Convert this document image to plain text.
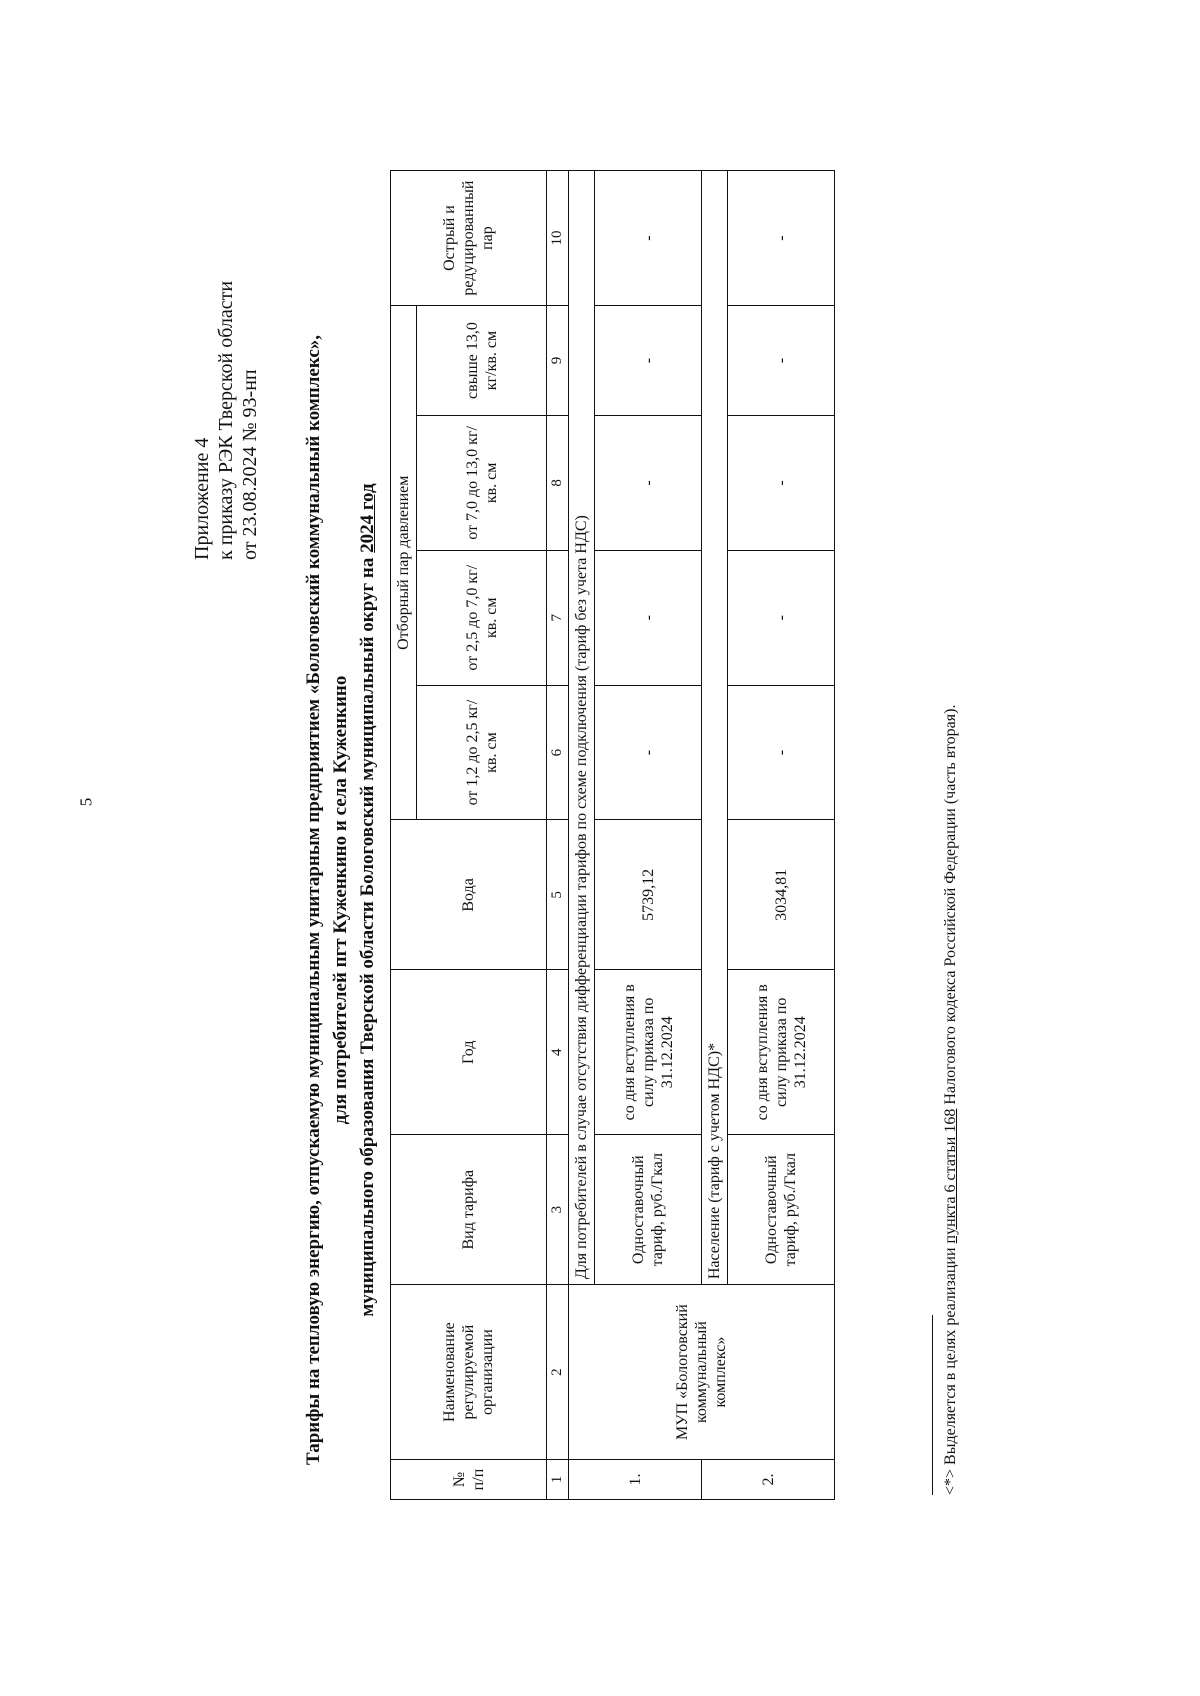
5
Приложение 4 к приказу РЭК Тверской области от 23.08.2024 № 93-нп Тарифы на тепловую энергию, отпускаемую муниципальным унитарным предприятием «Бологовский коммунальный комплекс», для потребителей пгт Куженкино и села Куженкино муниципального образования Тверской области Бологовский муниципальный округ на 2024 год
№ п/п	Наименование регулируемой организации	Вид тарифа	Год	Вода	Отборный пар давлением				Острый и редуцированный пар
					от 1,2 до 2,5 кг/кв. см	от 2,5 до 7,0 кг/кв. см	от 7,0 до 13,0 кг/кв. см	свыше 13,0 кг/кв. см	
1	2	3	4	5	6	7	8	9	10
1.	МУП «Бологовский коммунальный комплекс»	Для потребителей в случае отсутствия дифференциации тарифов по схеме подключения (тариф без учета НДС)							
		Одноставочный тариф, руб./Гкал	со дня вступления в силу приказа по 31.12.2024	5739,12	-	-	-	-	-
2.		Население (тариф с учетом НДС)*							
		Одноставочный тариф, руб./Гкал	со дня вступления в силу приказа по 31.12.2024	3034,81	-	-	-	-	-
<*> Выделяется в целях реализации пункта 6 статьи 168 Налогового кодекса Российской Федерации (часть вторая).
